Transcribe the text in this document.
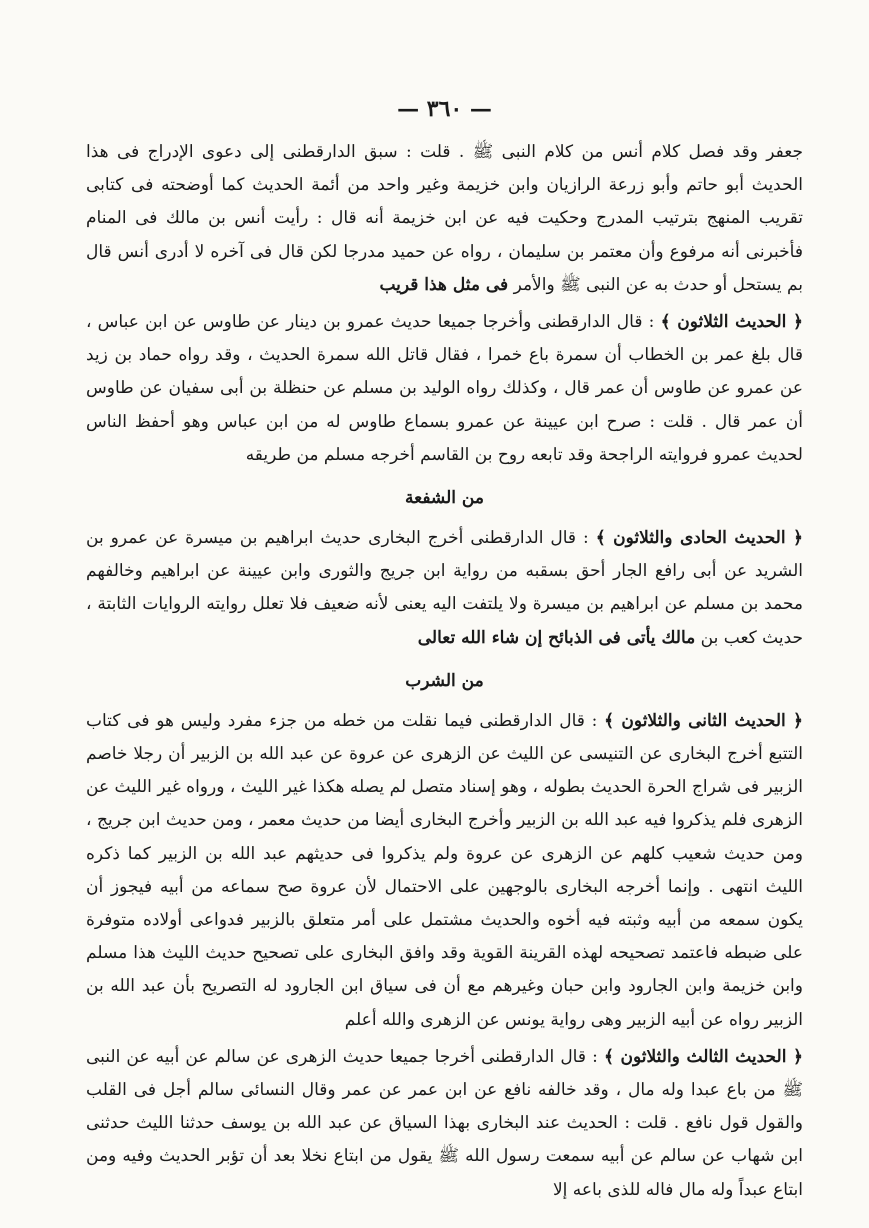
— ٣٦٠ —

جعفر وقد فصل كلام أنس من كلام النبى ﷺ . قلت : سبق الدارقطنى إلى دعوى الإدراج فى هذا الحديث أبو حاتم وأبو زرعة الرازيان وابن خزيمة وغير واحد من أئمة الحديث كما أوضحته فى كتابى تقريب المنهج بترتيب المدرج وحكيت فيه عن ابن خزيمة أنه قال : رأيت أنس بن مالك فى المنام فأخبرنى أنه مرفوع وأن معتمر بن سليمان ، رواه عن حميد مدرجا لكن قال فى آخره لا أدرى أنس قال بم يستحل أو حدث به عن النبى ﷺ والأمر فى مثل هذا قريب

﴿ الحديث الثلاثون ﴾ : قال الدارقطنى وأخرجا جميعا حديث عمرو بن دينار عن طاوس عن ابن عباس ، قال بلغ عمر بن الخطاب أن سمرة باع خمرا ، فقال قاتل الله سمرة الحديث ، وقد رواه حماد بن زيد عن عمرو عن طاوس أن عمر قال ، وكذلك رواه الوليد بن مسلم عن حنظلة بن أبى سفيان عن طاوس أن عمر قال . قلت : صرح ابن عيينة عن عمرو بسماع طاوس له من ابن عباس وهو أحفظ الناس لحديث عمرو فروايته الراجحة وقد تابعه روح بن القاسم أخرجه مسلم من طريقه

من الشفعة

﴿ الحديث الحادى والثلاثون ﴾ : قال الدارقطنى أخرج البخارى حديث ابراهيم بن ميسرة عن عمرو بن الشريد عن أبى رافع الجار أحق بسقبه من رواية ابن جريج والثورى وابن عيينة عن ابراهيم وخالفهم محمد بن مسلم عن ابراهيم بن ميسرة ولا يلتفت اليه يعنى لأنه ضعيف فلا تعلل روايته الروايات الثابتة ، حديث كعب بن مالك يأتى فى الذبائح إن شاء الله تعالى

من الشرب

﴿ الحديث الثانى والثلاثون ﴾ : قال الدارقطنى فيما نقلت من خطه من جزء مفرد وليس هو فى كتاب التتبع أخرج البخارى عن التنيسى عن الليث عن الزهرى عن عروة عن عبد الله بن الزبير أن رجلا خاصم الزبير فى شراج الحرة الحديث بطوله ، وهو إسناد متصل لم يصله هكذا غير الليث ، ورواه غير الليث عن الزهرى فلم يذكروا فيه عبد الله بن الزبير وأخرج البخارى أيضا من حديث معمر ، ومن حديث ابن جريج ، ومن حديث شعيب كلهم عن الزهرى عن عروة ولم يذكروا فى حديثهم عبد الله بن الزبير كما ذكره الليث انتهى . وإنما أخرجه البخارى بالوجهين على الاحتمال لأن عروة صح سماعه من أبيه فيجوز أن يكون سمعه من أبيه وثبته فيه أخوه والحديث مشتمل على أمر متعلق بالزبير فدواعى أولاده متوفرة على ضبطه فاعتمد تصحيحه لهذه القرينة القوية وقد وافق البخارى على تصحيح حديث الليث هذا مسلم وابن خزيمة وابن الجارود وابن حبان وغيرهم مع أن فى سياق ابن الجارود له التصريح بأن عبد الله بن الزبير رواه عن أبيه الزبير وهى رواية يونس عن الزهرى والله أعلم

﴿ الحديث الثالث والثلاثون ﴾ : قال الدارقطنى أخرجا جميعا حديث الزهرى عن سالم عن أبيه عن النبى ﷺ من باع عبدا وله مال ، وقد خالفه نافع عن ابن عمر عن عمر وقال النسائى سالم أجل فى القلب والقول قول نافع . قلت : الحديث عند البخارى بهذا السياق عن عبد الله بن يوسف حدثنا الليث حدثنى ابن شهاب عن سالم عن أبيه سمعت رسول الله ﷺ يقول من ابتاع نخلا بعد أن تؤبر الحديث وفيه ومن ابتاع عبداً وله مال فاله للذى باعه إلا
